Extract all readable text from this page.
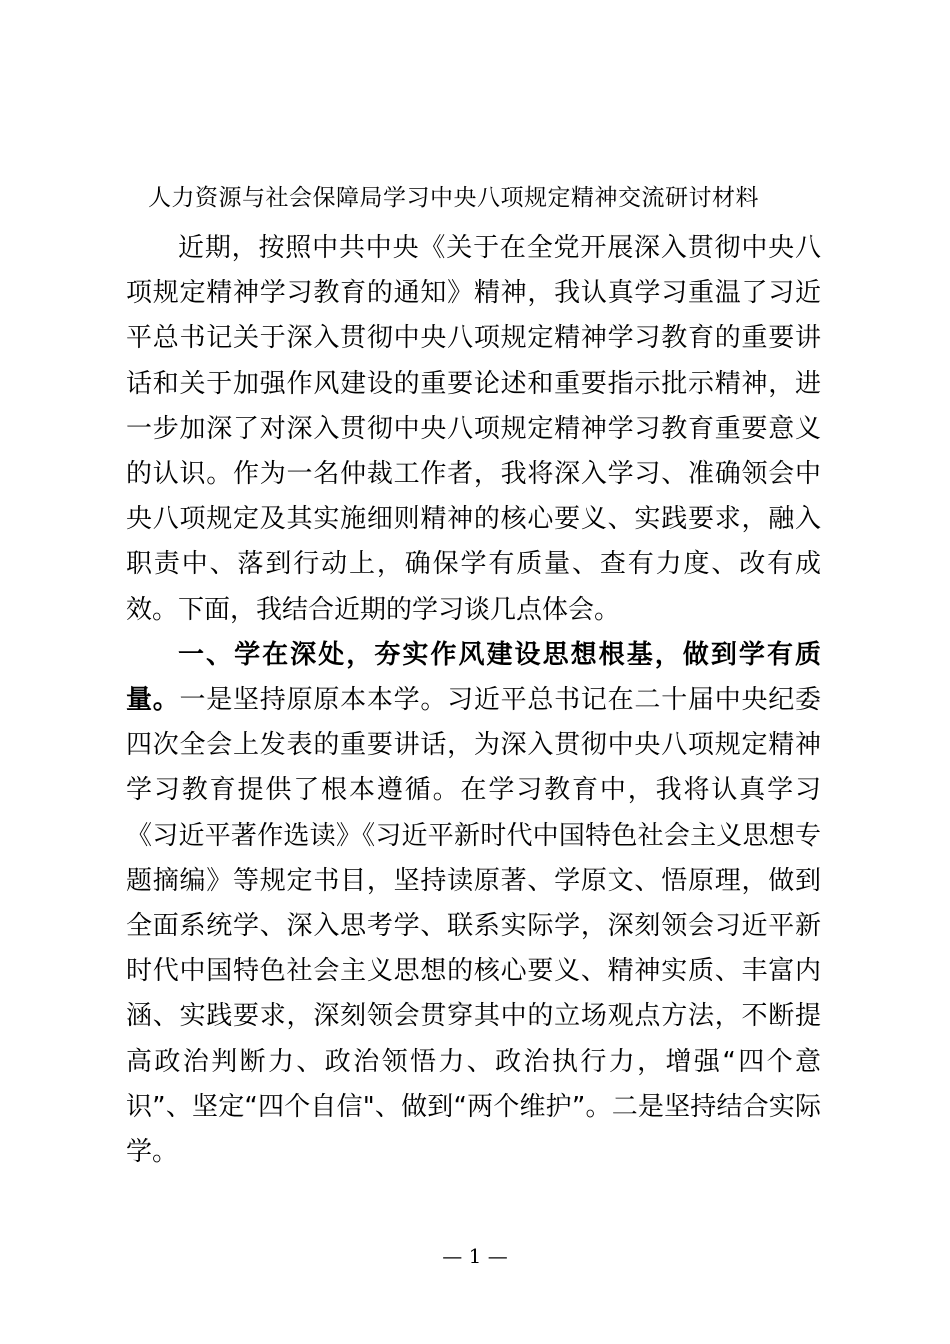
人力资源与社会保障局学习中央八项规定精神交流研讨材料

近期，按照中共中央《关于在全党开展深入贯彻中央八项规定精神学习教育的通知》精神，我认真学习重温了习近平总书记关于深入贯彻中央八项规定精神学习教育的重要讲话和关于加强作风建设的重要论述和重要指示批示精神，进一步加深了对深入贯彻中央八项规定精神学习教育重要意义的认识。作为一名仲裁工作者，我将深入学习、准确领会中央八项规定及其实施细则精神的核心要义、实践要求，融入职责中、落到行动上，确保学有质量、查有力度、改有成效。下面，我结合近期的学习谈几点体会。

一、学在深处，夯实作风建设思想根基，做到学有质量。一是坚持原原本本学。习近平总书记在二十届中央纪委四次全会上发表的重要讲话，为深入贯彻中央八项规定精神学习教育提供了根本遵循。在学习教育中，我将认真学习《习近平著作选读》《习近平新时代中国特色社会主义思想专题摘编》等规定书目，坚持读原著、学原文、悟原理，做到全面系统学、深入思考学、联系实际学，深刻领会习近平新时代中国特色社会主义思想的核心要义、精神实质、丰富内涵、实践要求，深刻领会贯穿其中的立场观点方法，不断提高政治判断力、政治领悟力、政治执行力，增强“四个意识”、坚定“四个自信"、做到“两个维护”。二是坚持结合实际学。

— 1 —
